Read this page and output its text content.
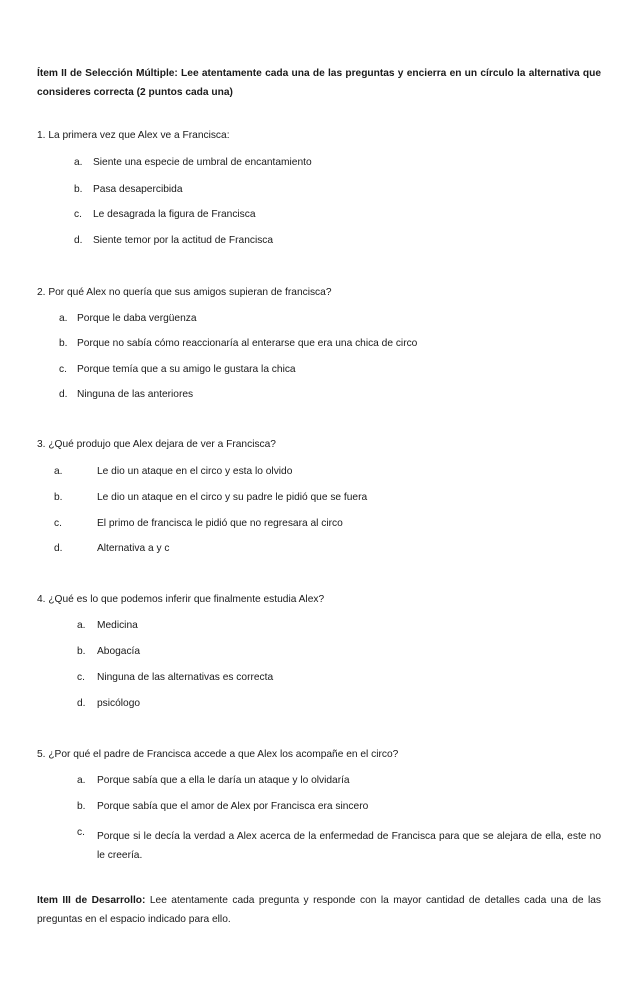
Ítem II de Selección Múltiple: Lee atentamente cada una de las preguntas y encierra en un círculo la alternativa que consideres correcta (2 puntos cada una)
1. La primera vez que Alex ve a Francisca:
a. Siente una especie de umbral de encantamiento
b. Pasa desapercibida
c. Le desagrada la figura de Francisca
d. Siente temor por la actitud de Francisca
2. Por qué Alex no quería que sus amigos supieran de francisca?
a. Porque le daba vergüenza
b. Porque no sabía cómo reaccionaría al enterarse que era una chica de circo
c. Porque temía que a su amigo le gustara la chica
d. Ninguna de las anteriores
3. ¿Qué produjo que Alex dejara de ver a Francisca?
a.	Le dio un ataque en el circo y esta lo olvido
b.	Le dio un ataque en el circo y su padre le pidió que se fuera
c.	El primo de francisca le pidió que no regresara al circo
d.	Alternativa a y c
4. ¿Qué es lo que podemos inferir que finalmente estudia Alex?
a. Medicina
b. Abogacía
c. Ninguna de las alternativas es correcta
d. psicólogo
5. ¿Por qué el padre de Francisca accede a que Alex los acompañe en el circo?
a. Porque sabía que a ella le daría un ataque y lo olvidaría
b. Porque sabía que el amor de Alex por Francisca era sincero
c. Porque si le decía la verdad a Alex acerca de la enfermedad de Francisca para que se alejara de ella, este no le creería.
Item III de Desarrollo: Lee atentamente cada pregunta y responde con la mayor cantidad de detalles cada una de las preguntas en el espacio indicado para ello.
